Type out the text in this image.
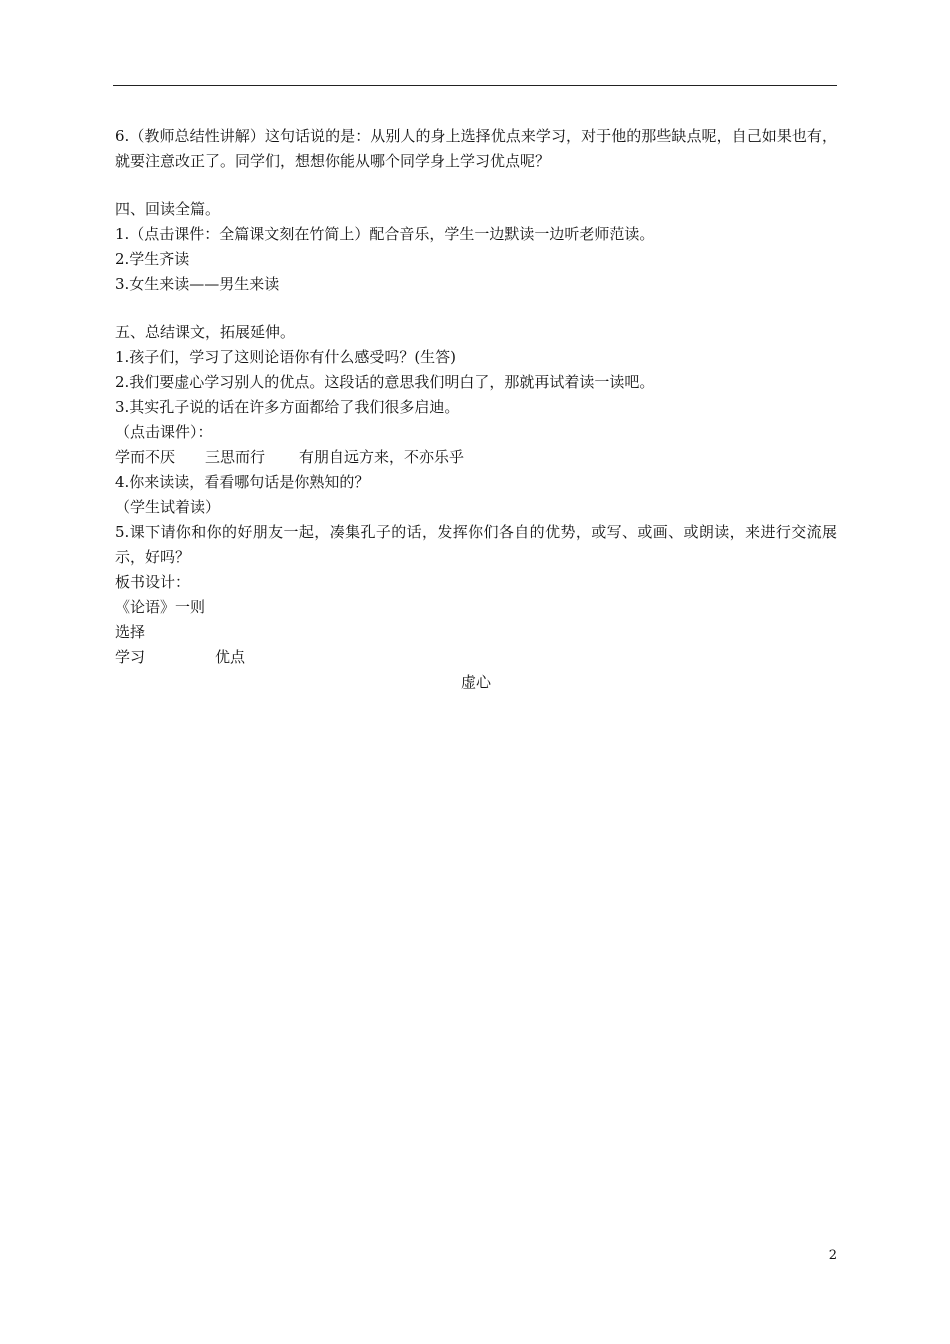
6.（教师总结性讲解）这句话说的是：从别人的身上选择优点来学习，对于他的那些缺点呢，自己如果也有，就要注意改正了。同学们，想想你能从哪个同学身上学习优点呢？
四、回读全篇。
1.（点击课件：全篇课文刻在竹简上）配合音乐，学生一边默读一边听老师范读。
2.学生齐读
3.女生来读——男生来读
五、总结课文，拓展延伸。
1.孩子们，学习了这则论语你有什么感受吗？(生答)
2.我们要虚心学习别人的优点。这段话的意思我们明白了，那就再试着读一读吧。
3.其实孔子说的话在许多方面都给了我们很多启迪。
（点击课件）：
学而不厌 三思而行 有朋自远方来，不亦乐乎
4.你来读读，看看哪句话是你熟知的？
（学生试着读）
5.课下请你和你的好朋友一起，凑集孔子的话，发挥你们各自的优势，或写、或画、或朗读，来进行交流展示，好吗？
板书设计：
《论语》一则
选择
学习	优点
虚心
2
